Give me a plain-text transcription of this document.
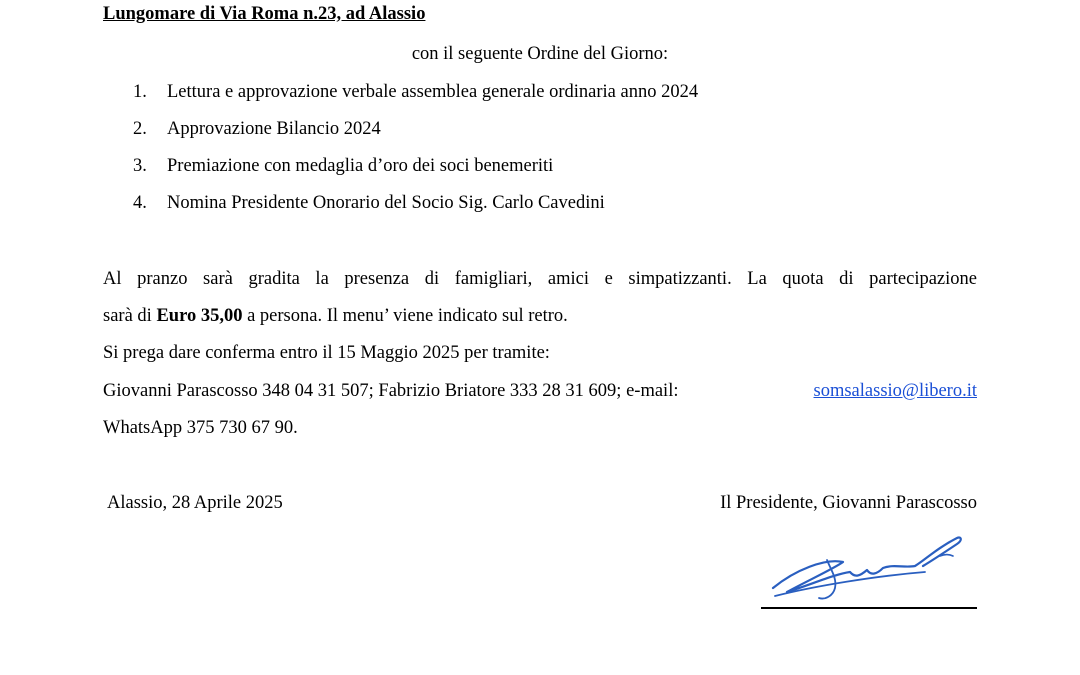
Lungomare di Via Roma n.23, ad Alassio
con il seguente Ordine del Giorno:
1.	Lettura e approvazione verbale assemblea generale ordinaria anno 2024
2.	Approvazione Bilancio 2024
3.	Premiazione con medaglia d’oro dei soci benemeriti
4.	Nomina Presidente Onorario del Socio Sig. Carlo Cavedini
Al pranzo sarà gradita la presenza di famigliari, amici e simpatizzanti. La quota di partecipazione
sarà di Euro 35,00 a persona. Il menu’ viene indicato sul retro.
Si prega dare conferma entro il 15 Maggio 2025 per tramite:
Giovanni Parascosso 348 04 31 507; Fabrizio Briatore 333 28 31 609; e-mail:	somsalassio@libero.it
WhatsApp 375 730 67 90.
Alassio, 28 Aprile 2025	Il Presidente, Giovanni Parascosso
